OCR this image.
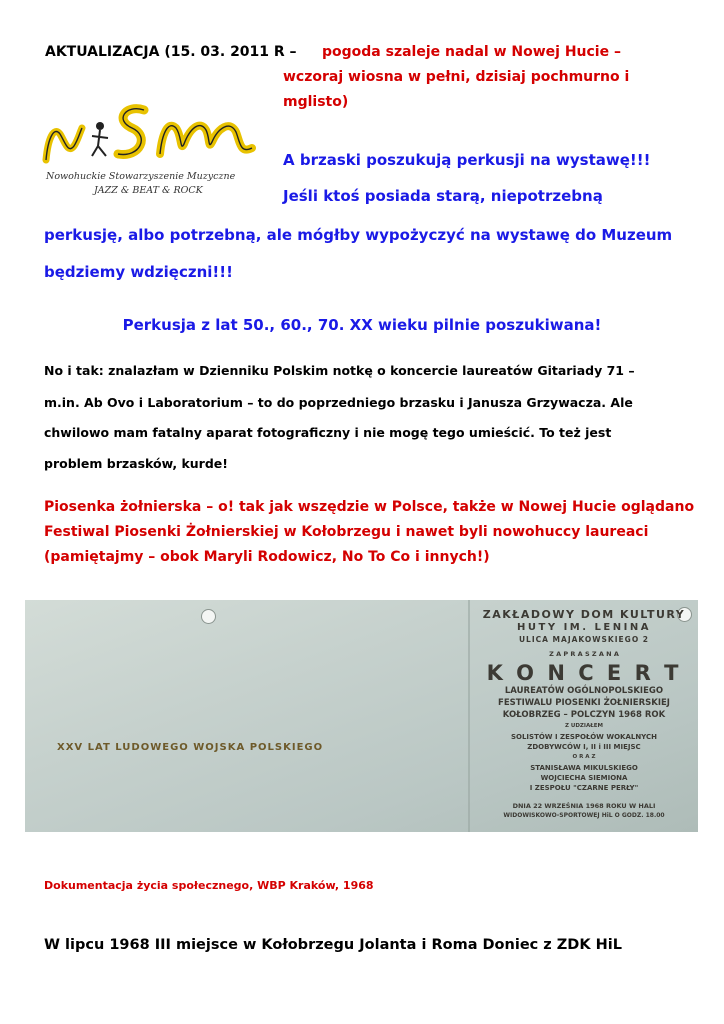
AKTUALIZACJA (15. 03. 2011 R – pogoda szaleje nadal w Nowej Hucie –
wczoraj wiosna w pełni, dzisiaj pochmurno i
mglisto)
Nowohuckie Stowarzyszenie Muzyczne
JAZZ & BEAT & ROCK
A brzaski poszukują perkusji na wystawę!!!
Jeśli ktoś posiada starą, niepotrzebną
perkusję, albo potrzebną, ale mógłby wypożyczyć na wystawę do Muzeum
będziemy wdzięczni!!!
Perkusja z lat 50., 60., 70. XX wieku pilnie poszukiwana!
No i tak: znalazłam w Dzienniku Polskim notkę o koncercie laureatów Gitariady 71 –
m.in. Ab Ovo i Laboratorium – to do poprzedniego brzasku i Janusza Grzywacza. Ale
chwilowo mam fatalny aparat fotograficzny i nie mogę tego umieścić. To też jest
problem brzasków, kurde!
Piosenka żołnierska – o! tak jak wszędzie w Polsce, także w Nowej Hucie oglądano
Festiwal Piosenki Żołnierskiej w Kołobrzegu i nawet byli nowohuccy laureaci
(pamiętajmy – obok Maryli Rodowicz, No To Co i innych!)
XXV LAT LUDOWEGO WOJSKA POLSKIEGO
ZAKŁADOWY DOM KULTURY
HUTY IM. LENINA
ULICA MAJAKOWSKIEGO 2
Z A P R A S Z A N A
K O N C E R T
LAUREATÓW OGÓLNOPOLSKIEGO
FESTIWALU PIOSENKI ŻOŁNIERSKIEJ
KOŁOBRZEG – POLCZYN 1968 ROK
Z UDZIAŁEM
SOLISTÓW I ZESPOŁÓW WOKALNYCH
ZDOBYWCÓW I, II i III MIEJSC
O R A Z
STANISŁAWA MIKULSKIEGO
WOJCIECHA SIEMIONA
I ZESPOŁU "CZARNE PERŁY"
DNIA 22 WRZEŚNIA 1968 ROKU W HALI
WIDOWISKOWO-SPORTOWEJ HiL O GODZ. 18.00
Dokumentacja życia społecznego, WBP Kraków, 1968
W lipcu 1968 III miejsce w Kołobrzegu Jolanta i Roma Doniec z ZDK HiL
